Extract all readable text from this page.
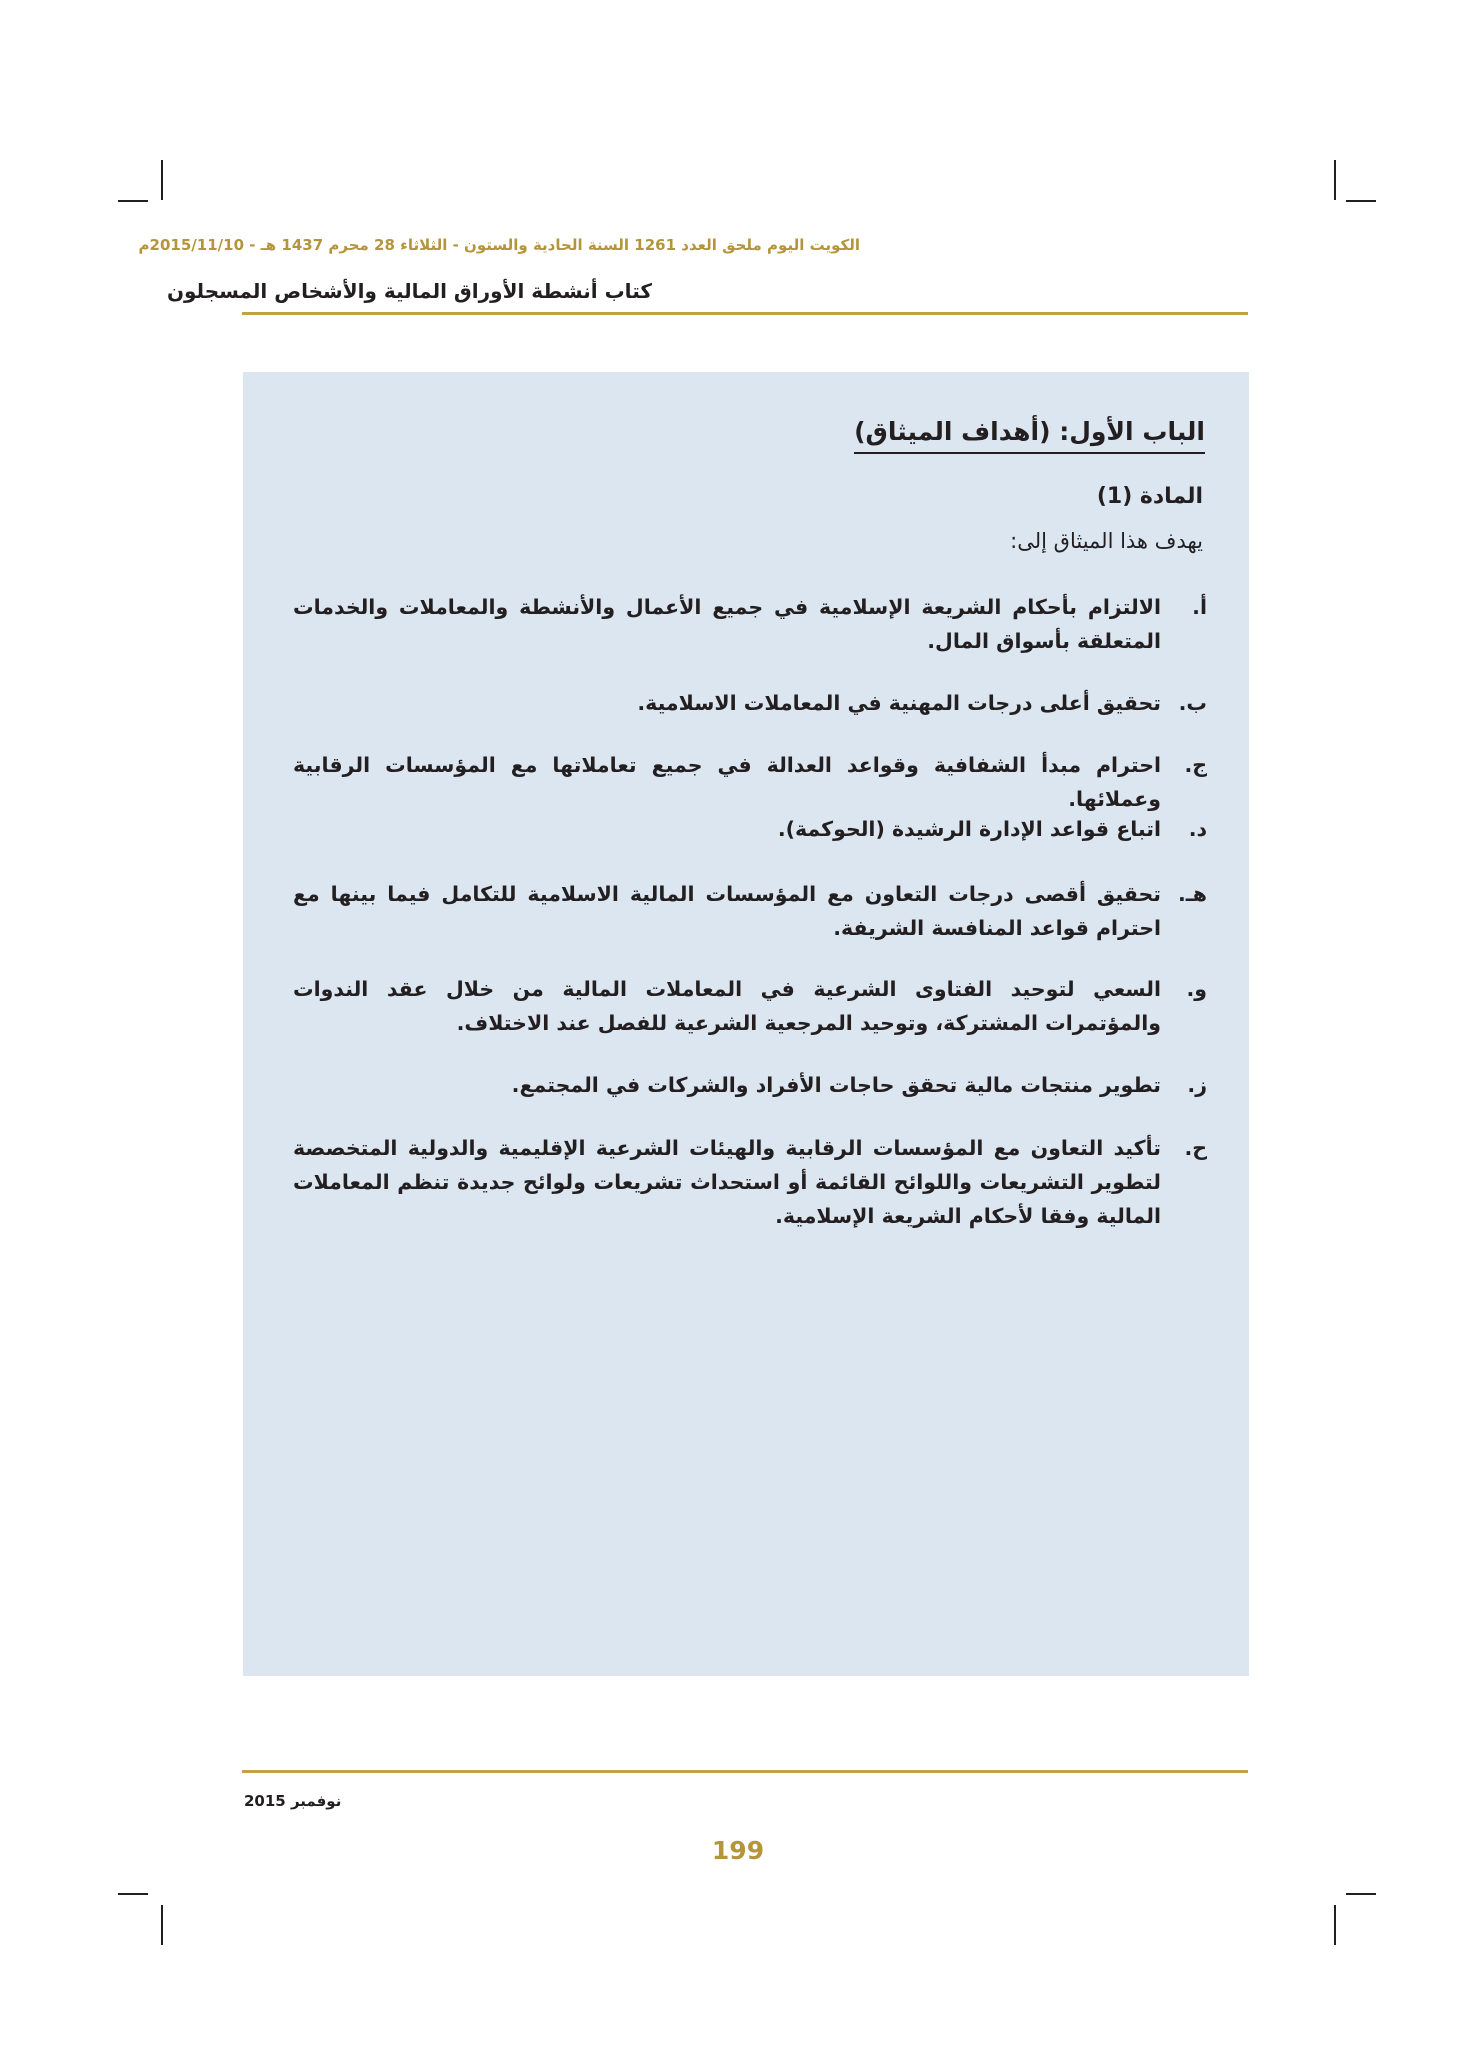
الكويت اليوم ملحق العدد 1261 السنة الحادية والستون - الثلاثاء 28 محرم 1437 هـ - 2015/11/10م
كتاب أنشطة الأوراق المالية والأشخاص المسجلون
الباب الأول: (أهداف الميثاق)
المادة (1)
يهدف هذا الميثاق إلى:
أ.
الالتزام بأحكام الشريعة الإسلامية في جميع الأعمال والأنشطة والمعاملات والخدمات المتعلقة بأسواق المال.
ب.
تحقيق أعلى درجات المهنية في المعاملات الاسلامية.
ج.
احترام مبدأ الشفافية وقواعد العدالة في جميع تعاملاتها مع المؤسسات الرقابية وعملائها.
د.
اتباع قواعد الإدارة الرشيدة (الحوكمة).
هـ.
تحقيق أقصى درجات التعاون مع المؤسسات المالية الاسلامية للتكامل فيما بينها مع احترام قواعد المنافسة الشريفة.
و.
السعي لتوحيد الفتاوى الشرعية في المعاملات المالية من خلال عقد الندوات والمؤتمرات المشتركة، وتوحيد المرجعية الشرعية للفصل عند الاختلاف.
ز.
تطوير منتجات مالية تحقق حاجات الأفراد والشركات في المجتمع.
ح.
تأكيد التعاون مع المؤسسات الرقابية والهيئات الشرعية الإقليمية والدولية المتخصصة لتطوير التشريعات واللوائح القائمة أو استحداث تشريعات ولوائح جديدة تنظم المعاملات المالية وفقا لأحكام الشريعة الإسلامية.
نوفمبر 2015
199
